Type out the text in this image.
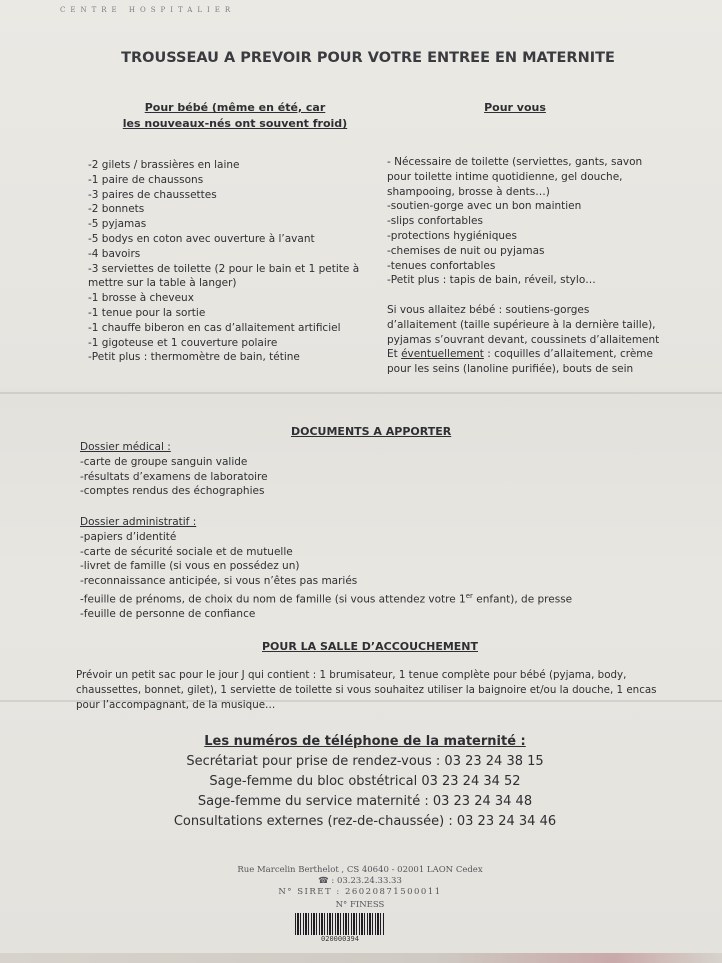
CENTRE HOSPITALIER
TROUSSEAU A PREVOIR POUR VOTRE ENTREE EN MATERNITE
Pour bébé (même en été, car
les nouveaux-nés ont souvent froid)
Pour vous
-2 gilets / brassières en laine
-1 paire de chaussons
-3 paires de chaussettes
-2 bonnets
-5 pyjamas
-5 bodys en coton avec ouverture à l’avant
-4 bavoirs
-3 serviettes de toilette (2 pour le bain et 1 petite à
mettre sur la table à langer)
-1 brosse à cheveux
-1 tenue pour la sortie
-1 chauffe biberon en cas d’allaitement artificiel
-1 gigoteuse et 1 couverture polaire
-Petit plus : thermomètre de bain, tétine
- Nécessaire de toilette (serviettes, gants, savon
pour toilette intime quotidienne, gel douche,
shampooing, brosse à dents…)
-soutien-gorge avec un bon maintien
-slips confortables
-protections hygiéniques
-chemises de nuit ou pyjamas
-tenues confortables
-Petit plus : tapis de bain, réveil, stylo…
Si vous allaitez bébé : soutiens-gorges
d’allaitement (taille supérieure à la dernière taille),
pyjamas s’ouvrant devant, coussinets d’allaitement
Et éventuellement : coquilles d’allaitement, crème
pour les seins (lanoline purifiée), bouts de sein
DOCUMENTS A APPORTER
Dossier médical :
-carte de groupe sanguin valide
-résultats d’examens de laboratoire
-comptes rendus des échographies
Dossier administratif :
-papiers d’identité
-carte de sécurité sociale et de mutuelle
-livret de famille (si vous en possédez un)
-reconnaissance anticipée, si vous n’êtes pas mariés
-feuille de prénoms, de choix du nom de famille (si vous attendez votre 1er enfant), de presse
-feuille de personne de confiance
POUR LA SALLE D’ACCOUCHEMENT
Prévoir un petit sac pour le jour J qui contient : 1 brumisateur, 1 tenue complète pour bébé (pyjama, body,
chaussettes, bonnet, gilet), 1 serviette de toilette si vous souhaitez utiliser la baignoire et/ou la douche, 1 encas
pour l’accompagnant, de la musique…
Les numéros de téléphone de la maternité :
Secrétariat pour prise de rendez-vous : 03 23 24 38 15
Sage-femme du bloc obstétrical 03 23 24 34 52
Sage-femme du service maternité : 03 23 24 34 48
Consultations externes (rez-de-chaussée) : 03 23 24 34 46
Rue Marcelin Berthelot , CS 40640 - 02001 LAON Cedex
☎ : 03.23.24.33.33
N° SIRET : 26020871500011
N° FINESS
020000394
